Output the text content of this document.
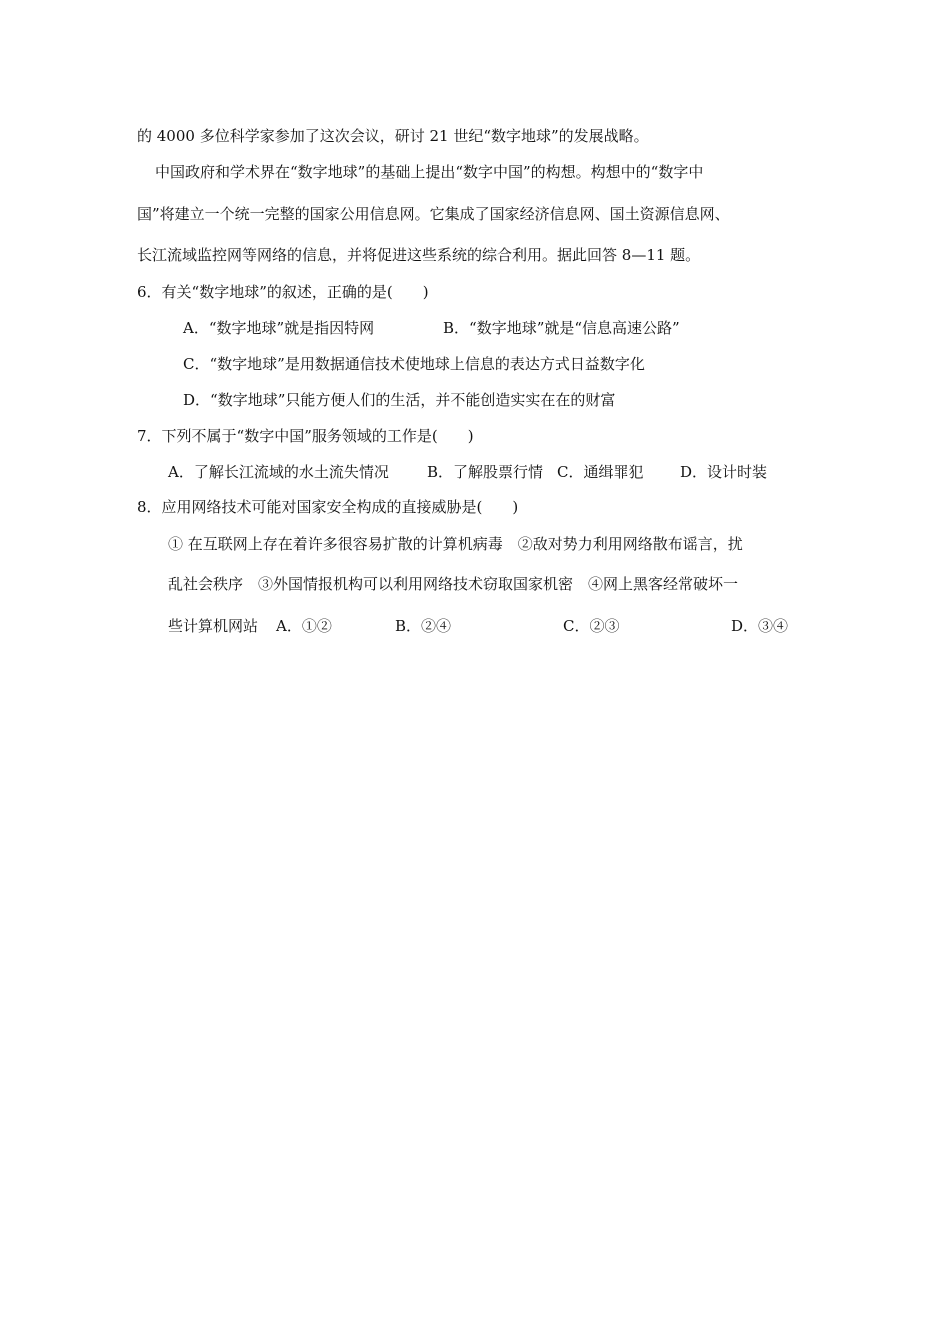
的 4000 多位科学家参加了这次会议，研讨 21 世纪“数字地球”的发展战略。
中国政府和学术界在“数字地球”的基础上提出“数字中国”的构想。构想中的“数字中
国”将建立一个统一完整的国家公用信息网。它集成了国家经济信息网、国土资源信息网、
长江流域监控网等网络的信息，并将促进这些系统的综合利用。据此回答 8—11 题。
6．有关“数字地球”的叙述，正确的是(　　)
A．“数字地球”就是指因特网	B．“数字地球”就是“信息高速公路”
C．“数字地球”是用数据通信技术使地球上信息的表达方式日益数字化
D．“数字地球”只能方便人们的生活，并不能创造实实在在的财富
7．下列不属于“数字中国”服务领域的工作是(　　)
A．了解长江流域的水土流失情况	B．了解股票行情 C．通缉罪犯 D．设计时装
8．应用网络技术可能对国家安全构成的直接威胁是(　　)
① 在互联网上存在着许多很容易扩散的计算机病毒　②敌对势力利用网络散布谣言，扰
乱社会秩序　③外国情报机构可以利用网络技术窃取国家机密　④网上黑客经常破坏一
些计算机网站 A．①②	B．②④	C．②③	D．③④
